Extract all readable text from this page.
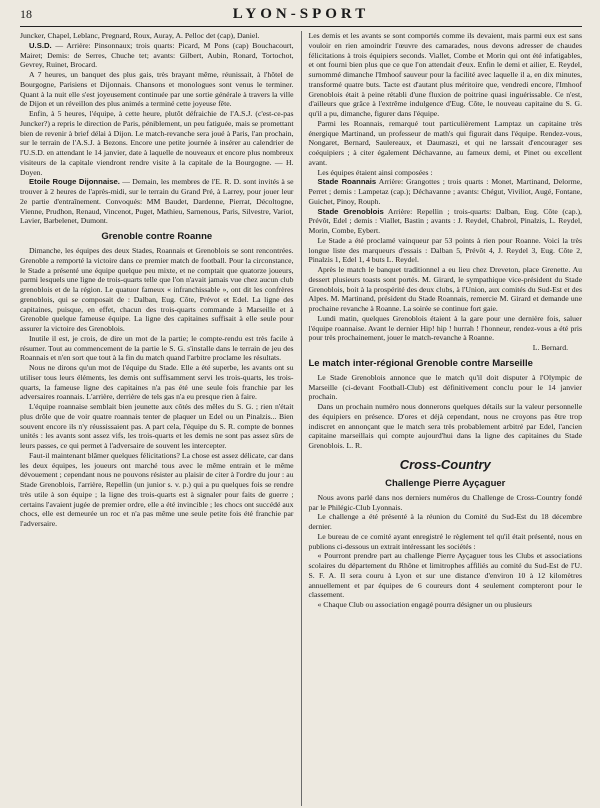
18	LYON-SPORT

Juncker, Chapel, Leblanc, Pregnard, Roux, Auray, A. Pelloc det (cap), Daniel.

U.S.D. — Arrière: Pinsonnaux; trois quarts: Picard, M Pons (cap) Bouchacourt, Mairet; Demis: de Serres, Chuche tet; avants: Gilbert, Aubin, Ronard, Tortochot, Gevrey, Ruinet, Brocard.

A 7 heures, un banquet des plus gais, très brayant même, réunissait, à l'hôtel de Bourgogne, Parisiens et Dijonnais. Chansons et monologues sont venus le terminer. Quant à la nuit elle s'est joyeusement continuée par une sortie générale à travers la ville de Dijon et un réveillon des plus animés a terminé cette joyeuse fête.

Enfin, à 5 heures, l'équipe, à cette heure, plutôt défraichie de l'A.S.J. (c'est-ce-pas Juncker?) a repris le direction de Paris, péniblement, un peu fatiguée, mais se promettant bien de revenir à brief délai à Dijon. Le match-revanche sera joué à Paris, l'an prochain, sur le terrain de l'A.S.J. à Bezons. Encore une petite journée à insérer au calendrier de l'U.S.D. en attendant le 14 janvier, date à laquelle de nouveaux et encore plus nombreux visiteurs de la capitale viendront rendre visite à la capitale de la Bourgogne. — H. Doyen.

Etoile Rouge Dijonnaise. — Demain, les membres de l'E. R. D. sont invités à se trouver à 2 heures de l'après-midi, sur le terrain du Grand Pré, à Larrey, pour jouer leur 2e partie d'entraînement. Convoqués: MM Baudet, Dardenne, Pierrat, Décoltogne, Vienne, Prudhon, Renaud, Vincenot, Puget, Mathieu, Sarnenous, Paris, Silvestre, Variot, Lavier, Barbelenet, Dumont.

Grenoble contre Roanne

Dimanche, les équipes des deux Stades, Roannais et Grenoblois se sont rencontrées. Grenoble a remporté la victoire dans ce premier match de football. Pour la circonstance, le Stade a présenté une équipe quelque peu mixte, et ne comptait que quatorze joueurs, parmi lesquels une ligne de trois-quarts telle que l'on n'avait jamais vue chez aucun club grenoblois et de la région. Le quatuor fameux « infranchissable », ont dit les confrères grenoblois, qui se composait de : Dalban, Eug. Côte, Prévot et Edel. La ligne des capitaines, puisque, en effet, chacun des trois-quarts commande à Marseille et à Grenoble quelque fameuse équipe. La ligne des capitaines suffisait à elle seule pour assurer la victoire des Grenoblois.

Inutile il est, je crois, de dire un mot de la partie; le compte-rendu est très facile à résumer. Tout au commencement de la partie le S. G. s'installe dans le terrain de jeu des Roannais et n'en sort que tout à la fin du match quand l'arbitre proclame les résultats.

Nous ne dirons qu'un mot de l'équipe du Stade. Elle a été superbe, les avants ont su utiliser tous leurs éléments, les demis ont suffisamment servi les trois-quarts, les trois-quarts, la fameuse ligne des capitaines n'a pas été une seule fois franchie par les adversaires roannais. L'arrière, derrière de tels gas n'a eu presque rien à faire.

L'équipe roannaise semblait bien jeunette aux côtés des mêles du S. G. ; rien n'était plus drôle que de voir quatre roannais tenter de plaquer un Edel ou un Pinalzis... Bien souvent encore ils n'y réussissaient pas. A part cela, l'équipe du S. R. compte de bonnes unités : les avants sont assez vifs, les trois-quarts et les demis ne sont pas assez sûrs de leurs passes, ce qui permet à l'adversaire de souvent les intercepter.

Faut-il maintenant blâmer quelques félicitations? La chose est assez délicate, car dans les deux équipes, les joueurs ont marché tous avec le même entrain et le même dévouement ; cependant nous ne pouvons résister au plaisir de citer à l'ordre du jour : au Stade Grenoblois, l'arrière, Repellin (un junior s. v. p.) qui a pu quelques fois se rendre très utile à son équipe ; la ligne des trois-quarts est à signaler pour faits de guerre ; certains l'avaient jugée de premier ordre, elle a été invincible ; les chocs ont succédé aux chocs, elle est demeurée un roc et n'a pas même une seule petite fois été franchie par l'adversaire.

Les demis et les avants se sont comportés comme ils devaient, mais parmi eux est sans vouloir en rien amoindrir l'œuvre des camarades, nous devons adresser de chaudes félicitations à trois équipiers seconds. Viallet, Combe et Morin qui ont été infatigables, et ont fourni bien plus que ce que l'on attendait d'eux. Enfin le demi et ailier, E. Reydel, surnommé dimanche l'Imhoof sauveur pour la facilité avec laquelle il a, en dix minutes, transformé quatre buts. Tacte est d'autant plus méritoire que, vendredi encore, l'Imhoof Grenoblois était à peine rétabli d'une fluxion de poitrine quasi inguérissable. Ce n'est, d'ailleurs que grâce à l'extrême indulgence d'Eug. Côte, le nouveau capitaine du S. G. qu'il a pu, dimanche, figurer dans l'équipe.

Parmi les Roannais, remarqué tout particulièrement Lamptaz un capitaine très énergique Martinand, un professeur de math's qui figurait dans l'équipe. Rendez-vous, Nongaret, Bernard, Saulereaux, et Daumaszi, et qui ne larssait d'encourager ses coéquipiers ; à citer également Déchavanne, au fameux demi, et Pinet ou excellent avant.

Les équipes étaient ainsi composées :

Stade Roannais Arrière: Grangottes ; trois quarts : Monet, Martinand, Delorme, Perret ; demis : Lampetaz (cap.); Déchavanne ; avants: Chégut, Viviliot, Augé, Fontane, Guichet, Pinoy, Rouph.

Stade Grenoblois Arrière: Repellin ; trois-quarts: Dalban, Eug. Côte (cap.), Prévôt, Edel ; demis : Viallet, Bastin ; avants : J. Reydel, Chabrol, Pinalzis, L. Reydel, Morin, Combe, Eybert.

Le Stade a été proclamé vainqueur par 53 points à rien pour Roanne. Voici la très longue liste des marqueurs d'essais : Dalban 5, Prévôt 4, J. Reydel 3, Eug. Côte 2, Pinalzis 1, Edel 1, 4 buts L. Reydel.

Après le match le banquet traditionnel a eu lieu chez Dreveton, place Grenette. Au dessert plusieurs toasts sont portés. M. Girard, le sympathique vice-président du Stade Grenoblois, boit à la prospérité des deux clubs, à l'Union, aux comités du Sud-Est et des Alpes. M. Martinand, président du Stade Roannais, remercie M. Girard et demande une prochaine revanche à Roanne. La soirée se continue fort gaie.

Lundi matin, quelques Grenoblois étaient à la gare pour une dernière fois, saluer l'équipe roannaise. Avant le dernier Hip! hip ! hurrah ! l'honneur, rendez-vous a été pris pour très prochainement, jouer le match-revanche à Roanne.

L. Bernard.

Le match inter-régional Grenoble contre Marseille

Le Stade Grenoblois annonce que le match qu'il doit disputer à l'Olympic de Marseille (ci-devant Football-Club) est définitivement conclu pour le 14 janvier prochain.

Dans un prochain numéro nous donnerons quelques détails sur la valeur personnelle des équipiers en présence. D'ores et déjà cependant, nous ne croyons pas être trop indiscret en annonçant que le match sera très probablement arbitré par Edel, l'ancien capitaine marseillais qui compte aujourd'hui dans la ligne des capitaines du Stade Grenoblois. L. R.

Cross-Country
Challenge Pierre Ayçaguer

Nous avons parlé dans nos derniers numéros du Challenge de Cross-Country fondé par le Philégic-Club Lyonnais.

Le challenge a été présenté à la réunion du Comité du Sud-Est du 18 décembre dernier.

Le bureau de ce comité ayant enregistré le règlement tel qu'il était présenté, nous en publions ci-dessous un extrait intéressant les sociétés :

« Pourront prendre part au challenge Pierre Ayçaguer tous les Clubs et associations scolaires du département du Rhône et limitrophes affiliés au comité du Sud-Est de l'U. S. F. A. Il sera couru à Lyon et sur une distance d'environ 10 à 12 kilomètres annuellement et par équipes de 6 coureurs dont 4 seulement compteront pour le classement.

« Chaque Club ou association engagé pourra désigner un ou plusieurs
